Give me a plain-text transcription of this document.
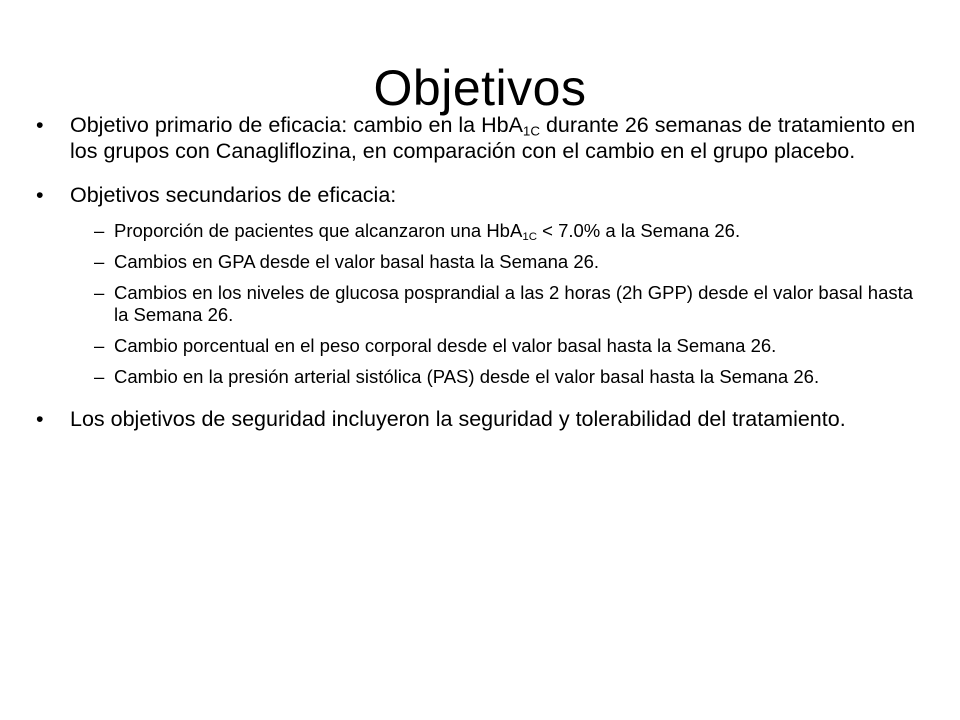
Objetivos
•	Objetivo primario de eficacia: cambio en la HbA$_{1C}$ durante 26 semanas de tratamiento en los grupos con Canagliflozina, en comparación con el cambio en el grupo placebo.
•	Objetivos secundarios de eficacia:
– Proporción de pacientes que alcanzaron una HbA$_{1C}$ < 7.0% a la Semana 26.
– Cambios en GPA desde el valor basal hasta la Semana 26.
– Cambios en los niveles de glucosa posprandial a las 2 horas (2h GPP) desde el valor basal hasta la Semana 26.
– Cambio porcentual en el peso corporal desde el valor basal hasta la Semana 26.
– Cambio en la presión arterial sistólica (PAS) desde el valor basal hasta la Semana 26.
•	Los objetivos de seguridad incluyeron la seguridad y tolerabilidad del tratamiento.
